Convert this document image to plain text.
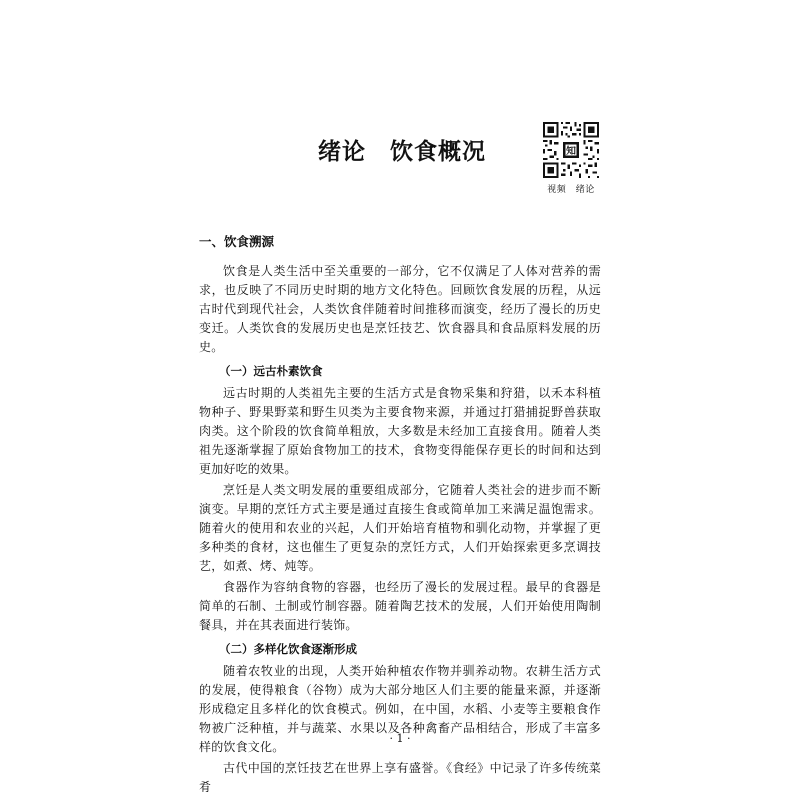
绪论　饮食概况	知
视频　绪论
一、饮食溯源

饮食是人类生活中至关重要的一部分，它不仅满足了人体对营养的需求，也反映了不同历史时期的地方文化特色。回顾饮食发展的历程，从远古时代到现代社会，人类饮食伴随着时间推移而演变，经历了漫长的历史变迁。人类饮食的发展历史也是烹饪技艺、饮食器具和食品原料发展的历史。

（一）远古朴素饮食

远古时期的人类祖先主要的生活方式是食物采集和狩猎，以禾本科植物种子、野果野菜和野生贝类为主要食物来源，并通过打猎捕捉野兽获取肉类。这个阶段的饮食简单粗放，大多数是未经加工直接食用。随着人类祖先逐渐掌握了原始食物加工的技术，食物变得能保存更长的时间和达到更加好吃的效果。

烹饪是人类文明发展的重要组成部分，它随着人类社会的进步而不断演变。早期的烹饪方式主要是通过直接生食或简单加工来满足温饱需求。随着火的使用和农业的兴起，人们开始培育植物和驯化动物，并掌握了更多种类的食材，这也催生了更复杂的烹饪方式，人们开始探索更多烹调技艺，如煮、烤、炖等。

食器作为容纳食物的容器，也经历了漫长的发展过程。最早的食器是简单的石制、土制或竹制容器。随着陶艺技术的发展，人们开始使用陶制餐具，并在其表面进行装饰。

（二）多样化饮食逐渐形成

随着农牧业的出现，人类开始种植农作物并驯养动物。农耕生活方式的发展，使得粮食（谷物）成为大部分地区人们主要的能量来源，并逐渐形成稳定且多样化的饮食模式。例如，在中国，水稻、小麦等主要粮食作物被广泛种植，并与蔬菜、水果以及各种禽畜产品相结合，形成了丰富多样的饮食文化。

古代中国的烹饪技艺在世界上享有盛誉。《食经》中记录了许多传统菜肴

· 1 ·
